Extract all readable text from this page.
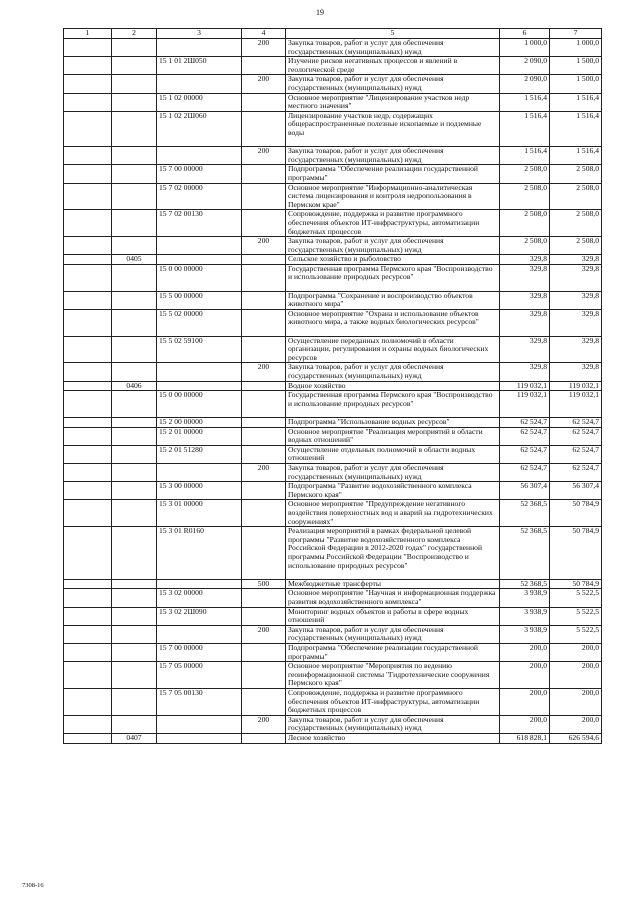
19
1	2	3	4	5	6	7
			200	Закупка товаров, работ и услуг для обеспечения государственных (муниципальных) нужд	1 000,0	1 000,0
		15 1 01 2Ш050		Изучение рисков негативных процессов и явлений в геологической среде	2 090,0	1 500,0
			200	Закупка товаров, работ и услуг для обеспечения государственных (муниципальных) нужд	2 090,0	1 500,0
		15 1 02 00000		Основное мероприятие "Лицензирование участков недр местного значения"	1 516,4	1 516,4
		15 1 02 2Ш060		Лицензирование участков недр, содержащих общераспространенные полезные ископаемые и подземные воды	1 516,4	1 516,4
			200	Закупка товаров, работ и услуг для обеспечения государственных (муниципальных) нужд	1 516,4	1 516,4
		15 7 00 00000		Подпрограмма "Обеспечение реализации государственной программы"	2 508,0	2 508,0
		15 7 02 00000		Основное мероприятие "Информационно-аналитическая система лицензирования и контроля недропользования в Пермском крае"	2 508,0	2 508,0
		15 7 02 00130		Сопровождение, поддержка и развитие программного обеспечения объектов ИТ-инфраструктуры, автоматизации бюджетных процессов	2 508,0	2 508,0
			200	Закупка товаров, работ и услуг для обеспечения государственных (муниципальных) нужд	2 508,0	2 508,0
	0405			Сельское хозяйство и рыболовство	329,8	329,8
		15 0 00 00000		Государственная программа Пермского края "Воспроизводство и использование природных ресурсов"	329,8	329,8
		15 5 00 00000		Подпрограмма "Сохранение и воспроизводство объектов животного мира"	329,8	329,8
		15 5 02 00000		Основное мероприятие "Охрана и использование объектов животного мира, а также водных биологических ресурсов"	329,8	329,8
		15 5 02 59100		Осуществление переданных полномочий в области организации, регулирования и охраны водных биологических ресурсов	329,8	329,8
			200	Закупка товаров, работ и услуг для обеспечения государственных (муниципальных) нужд	329,8	329,8
	0406			Водное хозяйство	119 032,1	119 032,1
		15 0 00 00000		Государственная программа Пермского края "Воспроизводство и использование природных ресурсов"	119 032,1	119 032,1
		15 2 00 00000		Подпрограмма "Использование водных ресурсов"	62 524,7	62 524,7
		15 2 01 00000		Основное мероприятие "Реализация мероприятий в области водных отношений"	62 524,7	62 524,7
		15 2 01 51280		Осуществление отдельных полномочий в области водных отношений	62 524,7	62 524,7
			200	Закупка товаров, работ и услуг для обеспечения государственных (муниципальных) нужд	62 524,7	62 524,7
		15 3 00 00000		Подпрограмма "Развитие водохозяйственного комплекса Пермского края"	56 307,4	56 307,4
		15 3 01 00000		Основное мероприятие "Предупреждение негативного воздействия поверхностных вод и аварий на гидротехнических сооружениях"	52 368,5	50 784,9
		15 3 01 R0160		Реализация мероприятий в рамках федеральной целевой программы "Развитие водохозяйственного комплекса Российской Федерации в 2012-2020 годах" государственной программы Российской Федерации "Воспроизводство и использование природных ресурсов"	52 368,5	50 784,9
			500	Межбюджетные трансферты	52 368,5	50 784,9
		15 3 02 00000		Основное мероприятие "Научная и информационная поддержка развития водохозяйственного комплекса"	3 938,9	5 522,5
		15 3 02 2Ш090		Мониторинг водных объектов и работы в сфере водных отношений	3 938,9	5 522,5
			200	Закупка товаров, работ и услуг для обеспечения государственных (муниципальных) нужд	3 938,9	5 522,5
		15 7 00 00000		Подпрограмма "Обеспечение реализации государственной программы"	200,0	200,0
		15 7 05 00000		Основное мероприятие "Мероприятия по ведению геоинформационной системы "Гидротехнические сооружения Пермского края"	200,0	200,0
		15 7 05 00130		Сопровождение, поддержка и развитие программного обеспечения объектов ИТ-инфраструктуры, автоматизации бюджетных процессов	200,0	200,0
			200	Закупка товаров, работ и услуг для обеспечения государственных (муниципальных) нужд	200,0	200,0
	0407			Лесное хозяйство	618 828,1	626 594,6
7308-16
